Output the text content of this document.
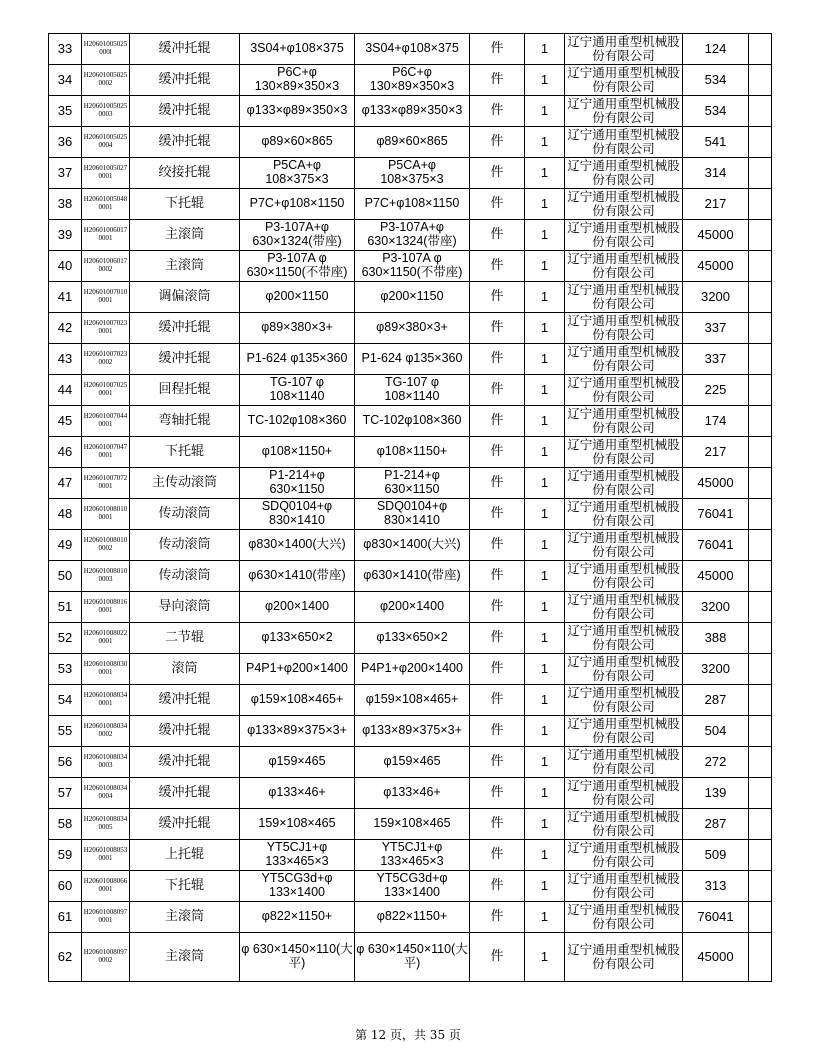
33	H20601005025000l	缓冲托辊	3S04+φ108×375	3S04+φ108×375	件	1	辽宁通用重型机械股份有限公司	124	
34	H206010050250002	缓冲托辊	P6C+φ 130×89×350×3	P6C+φ 130×89×350×3	件	1	辽宁通用重型机械股份有限公司	534	
35	H206010050250003	缓冲托辊	φ133×φ89×350×3	φ133×φ89×350×3	件	1	辽宁通用重型机械股份有限公司	534	
36	H206010050250004	缓冲托辊	φ89×60×865	φ89×60×865	件	1	辽宁通用重型机械股份有限公司	541	
37	H206010050270001	绞接托辊	P5CA+φ 108×375×3	P5CA+φ 108×375×3	件	1	辽宁通用重型机械股份有限公司	314	
38	H206010050480001	下托辊	P7C+φ108×1150	P7C+φ108×1150	件	1	辽宁通用重型机械股份有限公司	217	
39	H206010060170001	主滚筒	P3-107A+φ 630×1324(带座)	P3-107A+φ 630×1324(带座)	件	1	辽宁通用重型机械股份有限公司	45000	
40	H206010060170002	主滚筒	P3-107A φ 630×1150(不带座)	P3-107A φ 630×1150(不带座)	件	1	辽宁通用重型机械股份有限公司	45000	
41	H206010070100001	调偏滚筒	φ200×1150	φ200×1150	件	1	辽宁通用重型机械股份有限公司	3200	
42	H206010070230001	缓冲托辊	φ89×380×3+	φ89×380×3+	件	1	辽宁通用重型机械股份有限公司	337	
43	H206010070230002	缓冲托辊	P1-624 φ135×360	P1-624 φ135×360	件	1	辽宁通用重型机械股份有限公司	337	
44	H206010070250001	回程托辊	TG-107 φ 108×1140	TG-107 φ 108×1140	件	1	辽宁通用重型机械股份有限公司	225	
45	H206010070440001	弯轴托辊	TC-102φ108×360	TC-102φ108×360	件	1	辽宁通用重型机械股份有限公司	174	
46	H206010070470001	下托辊	φ108×1150+	φ108×1150+	件	1	辽宁通用重型机械股份有限公司	217	
47	H206010070720001	主传动滚筒	P1-214+φ 630×1150	P1-214+φ 630×1150	件	1	辽宁通用重型机械股份有限公司	45000	
48	H206010080100001	传动滚筒	SDQ0104+φ 830×1410	SDQ0104+φ 830×1410	件	1	辽宁通用重型机械股份有限公司	76041	
49	H206010080100002	传动滚筒	φ830×1400(大兴)	φ830×1400(大兴)	件	1	辽宁通用重型机械股份有限公司	76041	
50	H206010080100003	传动滚筒	φ630×1410(带座)	φ630×1410(带座)	件	1	辽宁通用重型机械股份有限公司	45000	
51	H206010080160001	导向滚筒	φ200×1400	φ200×1400	件	1	辽宁通用重型机械股份有限公司	3200	
52	H206010080220001	二节辊	φ133×650×2	φ133×650×2	件	1	辽宁通用重型机械股份有限公司	388	
53	H206010080300001	滚筒	P4P1+φ200×1400	P4P1+φ200×1400	件	1	辽宁通用重型机械股份有限公司	3200	
54	H206010080340001	缓冲托辊	φ159×108×465+	φ159×108×465+	件	1	辽宁通用重型机械股份有限公司	287	
55	H206010080340002	缓冲托辊	φ133×89×375×3+	φ133×89×375×3+	件	1	辽宁通用重型机械股份有限公司	504	
56	H206010080340003	缓冲托辊	φ159×465	φ159×465	件	1	辽宁通用重型机械股份有限公司	272	
57	H206010080340004	缓冲托辊	φ133×46+	φ133×46+	件	1	辽宁通用重型机械股份有限公司	139	
58	H206010080340005	缓冲托辊	159×108×465	159×108×465	件	1	辽宁通用重型机械股份有限公司	287	
59	H206010080530001	上托辊	YT5CJ1+φ 133×465×3	YT5CJ1+φ 133×465×3	件	1	辽宁通用重型机械股份有限公司	509	
60	H206010080660001	下托辊	YT5CG3d+φ 133×1400	YT5CG3d+φ 133×1400	件	1	辽宁通用重型机械股份有限公司	313	
61	H206010080970001	主滚筒	φ822×1150+	φ822×1150+	件	1	辽宁通用重型机械股份有限公司	76041	
62	H206010080970002	主滚筒	φ 630×1450×110(大平)	φ 630×1450×110(大平)	件	1	辽宁通用重型机械股份有限公司	45000	
第 12 页，共 35 页
